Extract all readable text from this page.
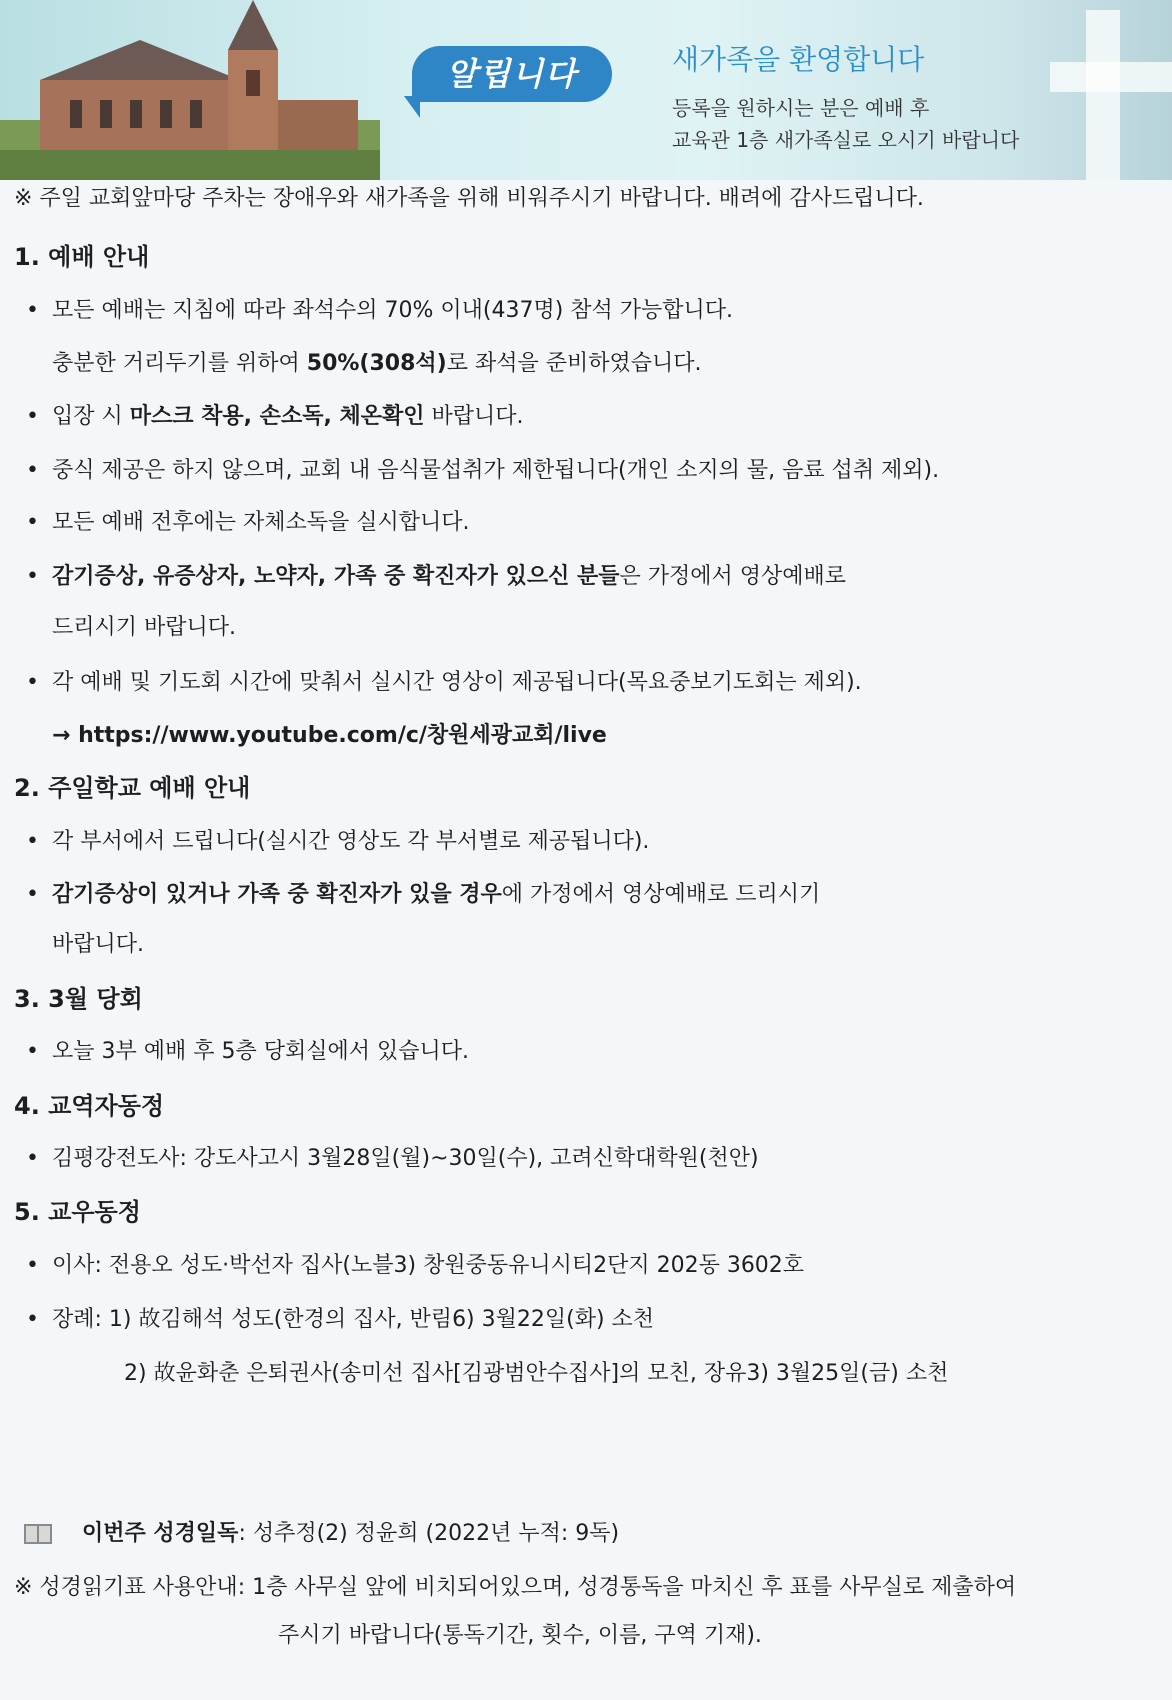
알립니다	새가족을 환영합니다
등록을 원하시는 분은 예배 후
교육관 1층 새가족실로 오시기 바랍니다
※ 주일 교회앞마당 주차는 장애우와 새가족을 위해 비워주시기 바랍니다. 배려에 감사드립니다.
1. 예배 안내
• 모든 예배는 지침에 따라 좌석수의 70% 이내(437명) 참석 가능합니다.
충분한 거리두기를 위하여 50%(308석)로 좌석을 준비하였습니다.
• 입장 시 마스크 착용, 손소독, 체온확인 바랍니다.
• 중식 제공은 하지 않으며, 교회 내 음식물섭취가 제한됩니다(개인 소지의 물, 음료 섭취 제외).
• 모든 예배 전후에는 자체소독을 실시합니다.
• 감기증상, 유증상자, 노약자, 가족 중 확진자가 있으신 분들은 가정에서 영상예배로
드리시기 바랍니다.
• 각 예배 및 기도회 시간에 맞춰서 실시간 영상이 제공됩니다(목요중보기도회는 제외).
→ https://www.youtube.com/c/창원세광교회/live
2. 주일학교 예배 안내
• 각 부서에서 드립니다(실시간 영상도 각 부서별로 제공됩니다).
• 감기증상이 있거나 가족 중 확진자가 있을 경우에 가정에서 영상예배로 드리시기
바랍니다.
3. 3월 당회
• 오늘 3부 예배 후 5층 당회실에서 있습니다.
4. 교역자동정
• 김평강전도사: 강도사고시 3월28일(월)~30일(수), 고려신학대학원(천안)
5. 교우동정
• 이사: 전용오 성도·박선자 집사(노블3) 창원중동유니시티2단지 202동 3602호
• 장례: 1) 故김해석 성도(한경의 집사, 반림6) 3월22일(화) 소천
2) 故윤화춘 은퇴권사(송미선 집사[김광범안수집사]의 모친, 장유3) 3월25일(금) 소천
이번주 성경일독: 성추정(2) 정윤희 (2022년 누적: 9독)
※ 성경읽기표 사용안내: 1층 사무실 앞에 비치되어있으며, 성경통독을 마치신 후 표를 사무실로 제출하여
주시기 바랍니다(통독기간, 횟수, 이름, 구역 기재).
